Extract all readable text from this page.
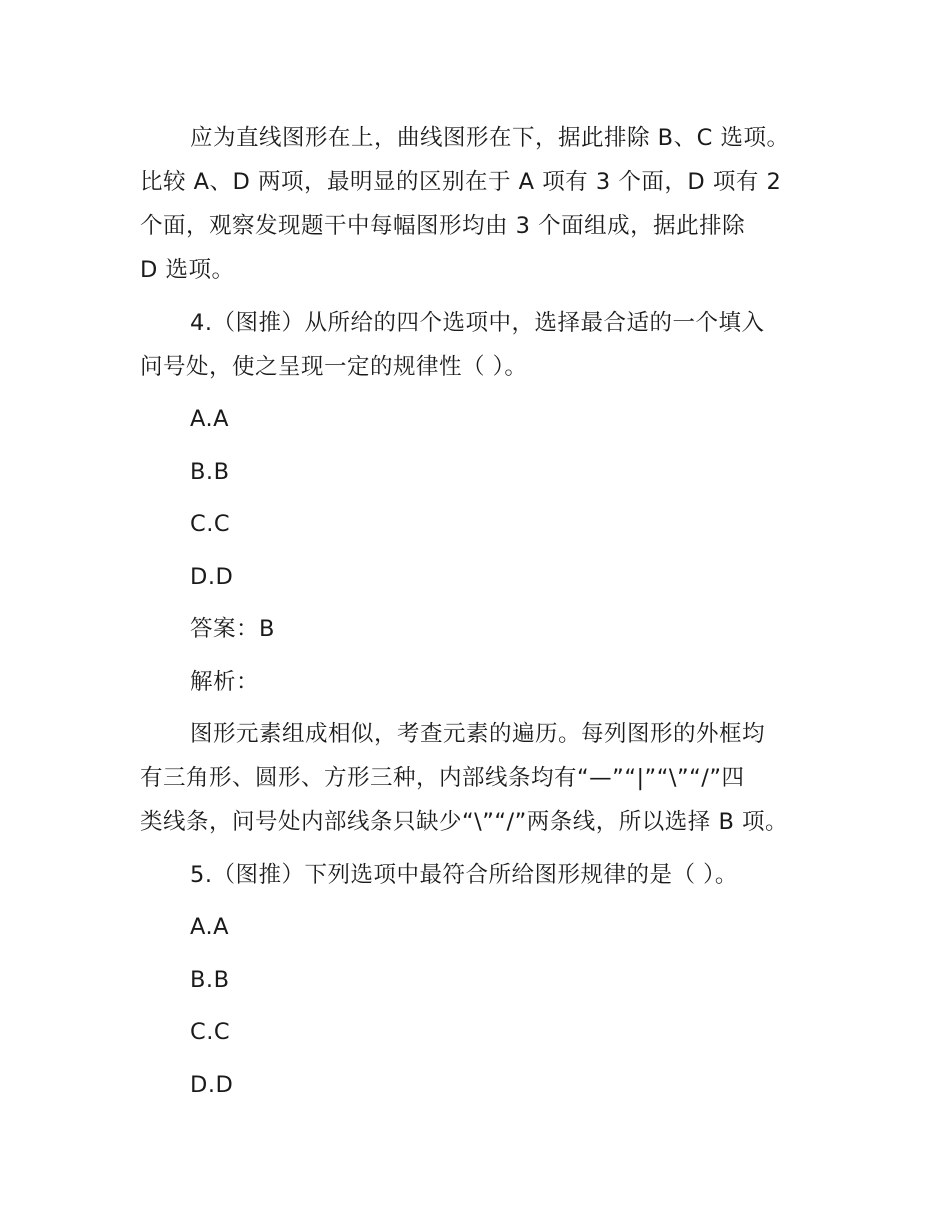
应为直线图形在上，曲线图形在下，据此排除 B、C 选项。
比较 A、D 两项，最明显的区别在于 A 项有 3 个面，D 项有 2
个面，观察发现题干中每幅图形均由 3 个面组成，据此排除
D 选项。

4.（图推）从所给的四个选项中，选择最合适的一个填入
问号处，使之呈现一定的规律性（ ）。

A.A

B.B

C.C

D.D

答案：B

解析：

图形元素组成相似，考查元素的遍历。每列图形的外框均
有三角形、圆形、方形三种，内部线条均有“—”“|”“\”“/”四
类线条，问号处内部线条只缺少“\”“/”两条线，所以选择 B 项。

5.（图推）下列选项中最符合所给图形规律的是（ ）。

A.A

B.B

C.C

D.D
